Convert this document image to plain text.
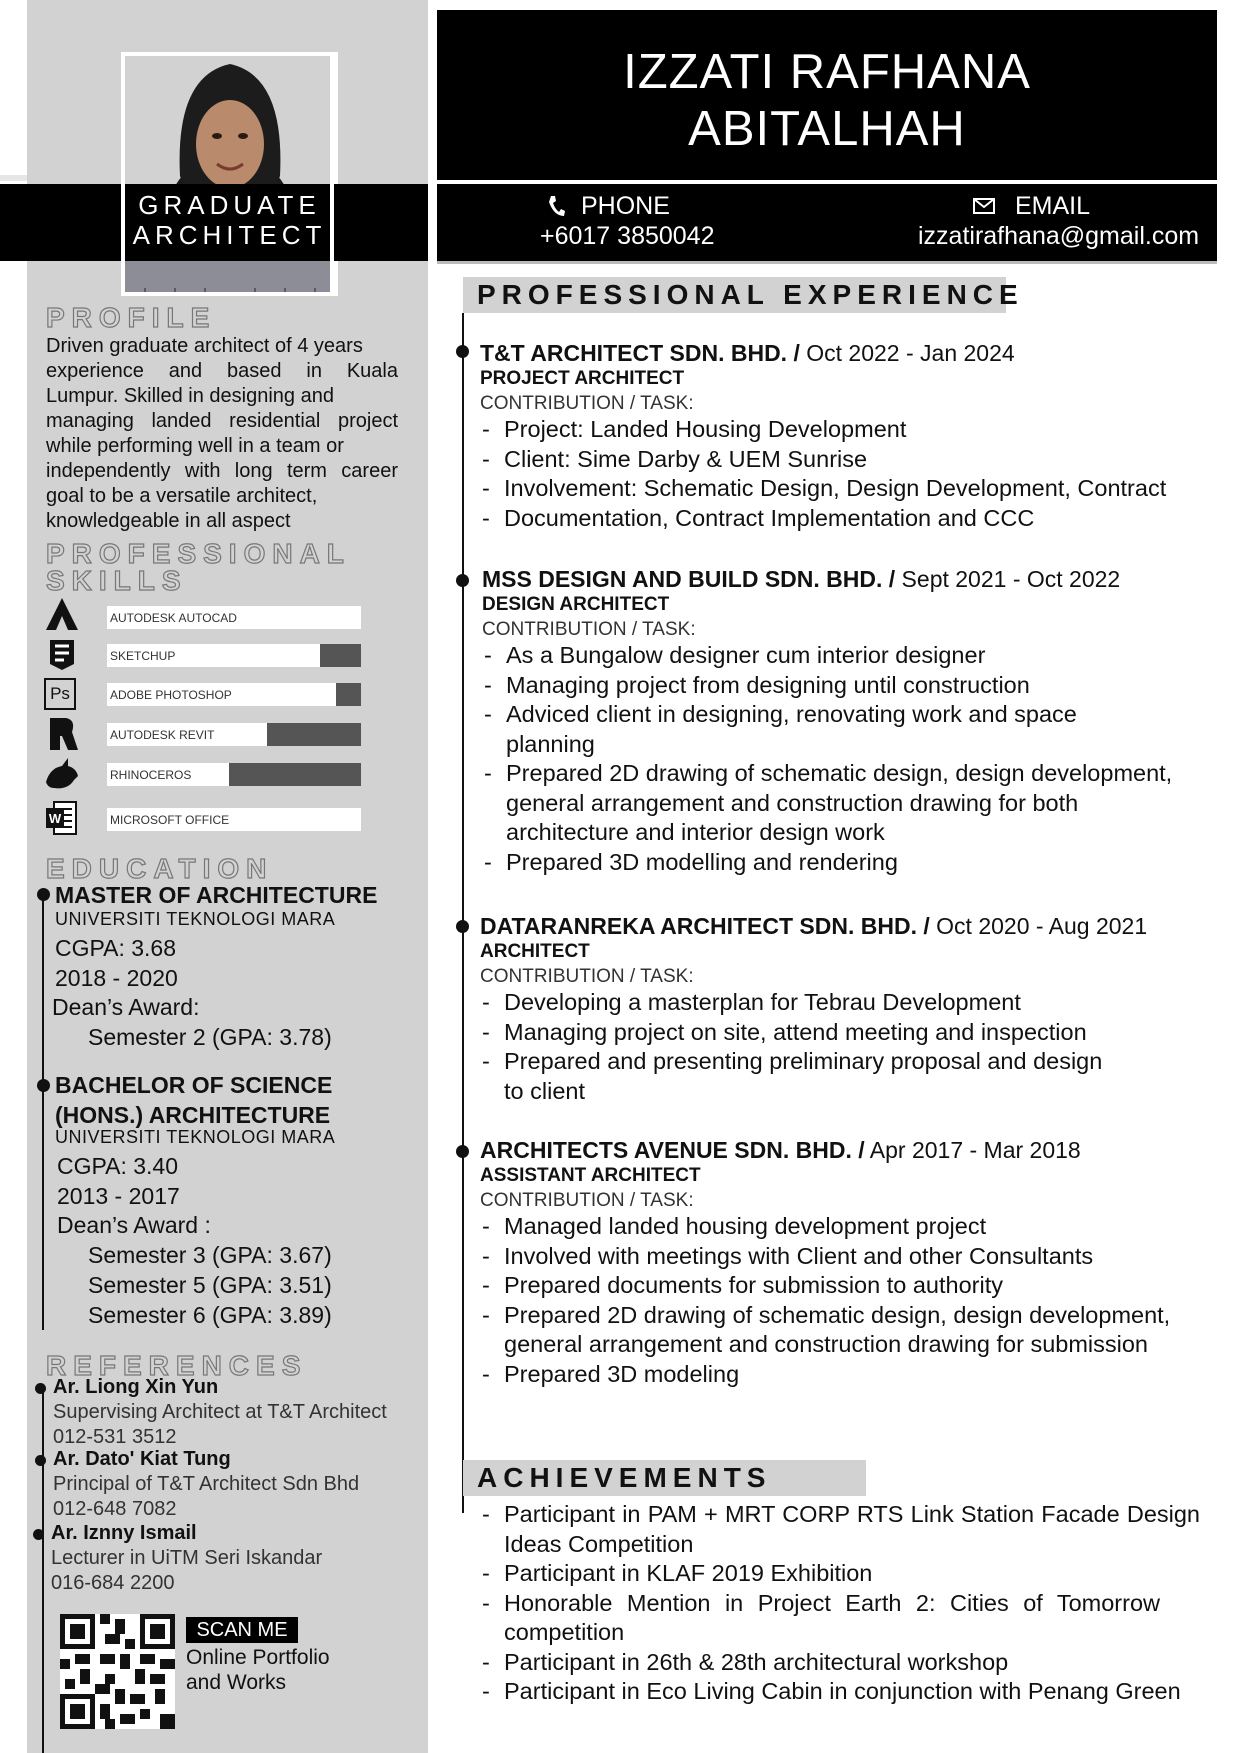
GRADUATE
ARCHITECT
IZZATI RAFHANA
ABITALHAH
PHONE
+6017 3850042
EMAIL
izzatirafhana@gmail.com
PROFILE
Driven graduate architect of 4 years
experience and based in Kuala
Lumpur. Skilled in designing and
managing landed residential project
while performing well in a team or
independently with long term career
goal to be a versatile architect,
knowledgeable in all aspect
PROFESSIONAL
SKILLS
Ps
W
AUTODESK AUTOCAD
SKETCHUP
ADOBE PHOTOSHOP
AUTODESK REVIT
RHINOCEROS
MICROSOFT OFFICE
EDUCATION
MASTER OF ARCHITECTURE
UNIVERSITI TEKNOLOGI MARA
CGPA: 3.68
2018 - 2020
Dean’s Award:
Semester 2 (GPA: 3.78)
BACHELOR OF SCIENCE
(HONS.) ARCHITECTURE
UNIVERSITI TEKNOLOGI MARA
CGPA: 3.40
2013 - 2017
Dean’s Award :
Semester 3 (GPA: 3.67)
Semester 5 (GPA: 3.51)
Semester 6 (GPA: 3.89)
REFERENCES
Ar. Liong Xin Yun
Supervising Architect at T&T Architect
012-531 3512
Ar. Dato' Kiat Tung
Principal of T&T Architect Sdn Bhd
012-648 7082
Ar. Iznny Ismail
Lecturer in UiTM Seri Iskandar
016-684 2200
SCAN ME
Online Portfolio
and Works
PROFESSIONAL EXPERIENCE
T&T ARCHITECT SDN. BHD. / Oct 2022 - Jan 2024
PROJECT ARCHITECT
CONTRIBUTION / TASK:
- Project: Landed Housing Development
- Client: Sime Darby & UEM Sunrise
- Involvement: Schematic Design, Design Development, Contract
- Documentation, Contract Implementation and CCC
MSS DESIGN AND BUILD SDN. BHD. / Sept 2021 - Oct 2022
DESIGN ARCHITECT
CONTRIBUTION / TASK:
- As a Bungalow designer cum interior designer
- Managing project from designing until construction
- Adviced client in designing, renovating work and space planning
- Prepared 2D drawing of schematic design, design development, general arrangement and construction drawing for both architecture and interior design work
- Prepared 3D modelling and rendering
DATARANREKA ARCHITECT SDN. BHD. / Oct 2020 - Aug 2021
ARCHITECT
CONTRIBUTION / TASK:
- Developing a masterplan for Tebrau Development
- Managing project on site, attend meeting and inspection
- Prepared and presenting preliminary proposal and design to client
ARCHITECTS AVENUE SDN. BHD. / Apr 2017 - Mar 2018
ASSISTANT ARCHITECT
CONTRIBUTION / TASK:
- Managed landed housing development project
- Involved with meetings with Client and other Consultants
- Prepared documents for submission to authority
- Prepared 2D drawing of schematic design, design development, general arrangement and construction drawing for submission
- Prepared 3D modeling
ACHIEVEMENTS
- Participant in PAM + MRT CORP RTS Link Station Facade Design Ideas Competition
- Participant in KLAF 2019 Exhibition
- Honorable Mention in Project Earth 2: Cities of Tomorrow competition
- Participant in 26th & 28th architectural workshop
- Participant in Eco Living Cabin in conjunction with Penang Green
